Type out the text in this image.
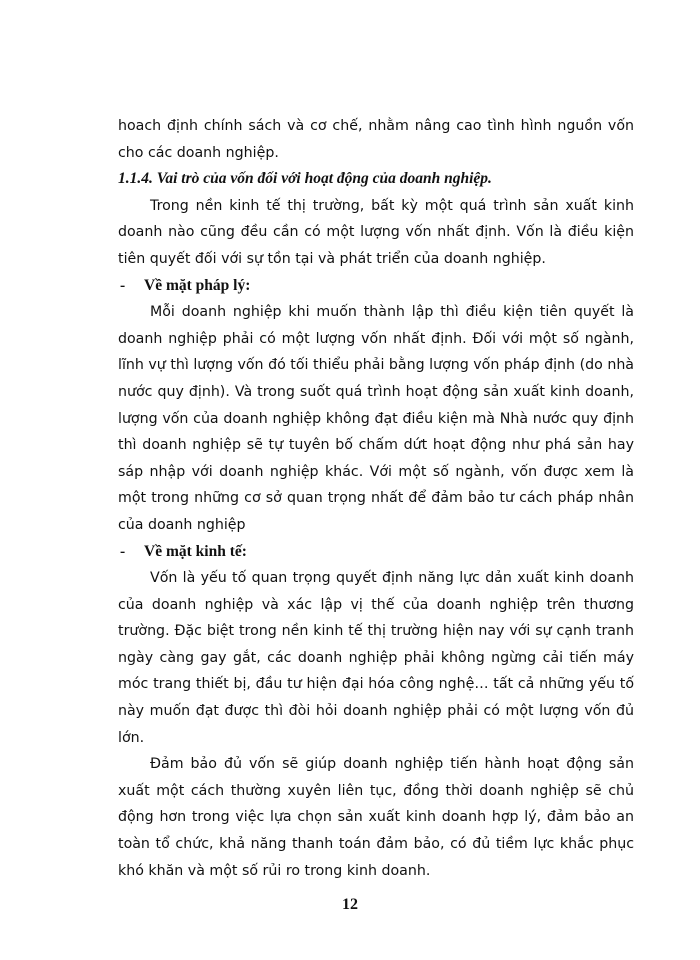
hoach định chính sách và cơ chế, nhằm nâng cao tình hình nguồn vốn cho các doanh nghiệp.

1.1.4. Vai trò của vốn đối với hoạt động của doanh nghiệp.

Trong nền kinh tế thị trường, bất kỳ một quá trình sản xuất kinh doanh nào cũng đều cần có một lượng vốn nhất định. Vốn là điều kiện tiên quyết đối với sự tồn tại và phát triển của doanh nghiệp.

- Về mặt pháp lý:

Mỗi doanh nghiệp khi muốn thành lập thì điều kiện tiên quyết là doanh nghiệp phải có một lượng vốn nhất định. Đối với một số ngành, lĩnh vự thì lượng vốn đó tối thiểu phải bằng lượng vốn pháp định (do nhà nước quy định). Và trong suốt quá trình hoạt động sản xuất kinh doanh, lượng vốn của doanh nghiệp không đạt điều kiện mà Nhà nước quy định thì doanh nghiệp sẽ tự tuyên bố chấm dứt hoạt động như phá sản hay sáp nhập với doanh nghiệp khác. Với một số ngành, vốn được xem là một trong những cơ sở quan trọng nhất để đảm bảo tư cách pháp nhân của doanh nghiệp

- Về mặt kinh tế:

Vốn là yếu tố quan trọng quyết định năng lực dản xuất kinh doanh của doanh nghiệp và xác lập vị thế của doanh nghiệp trên thương trường. Đặc biệt trong nền kinh tế thị trường hiện nay với sự cạnh tranh ngày càng gay gắt, các doanh nghiệp phải không ngừng cải tiến máy móc trang thiết bị, đầu tư hiện đại hóa công nghệ… tất cả những yếu tố này muốn đạt được thì đòi hỏi doanh nghiệp phải có một lượng vốn đủ lớn.

Đảm bảo đủ vốn sẽ giúp doanh nghiệp tiến hành hoạt động sản xuất một cách thường xuyên liên tục, đồng thời doanh nghiệp sẽ chủ động hơn trong việc lựa chọn sản xuất kinh doanh hợp lý, đảm bảo an toàn tổ chức, khả năng thanh toán đảm bảo, có đủ tiềm lực khắc phục khó khăn và một số rủi ro trong kinh doanh.

12
